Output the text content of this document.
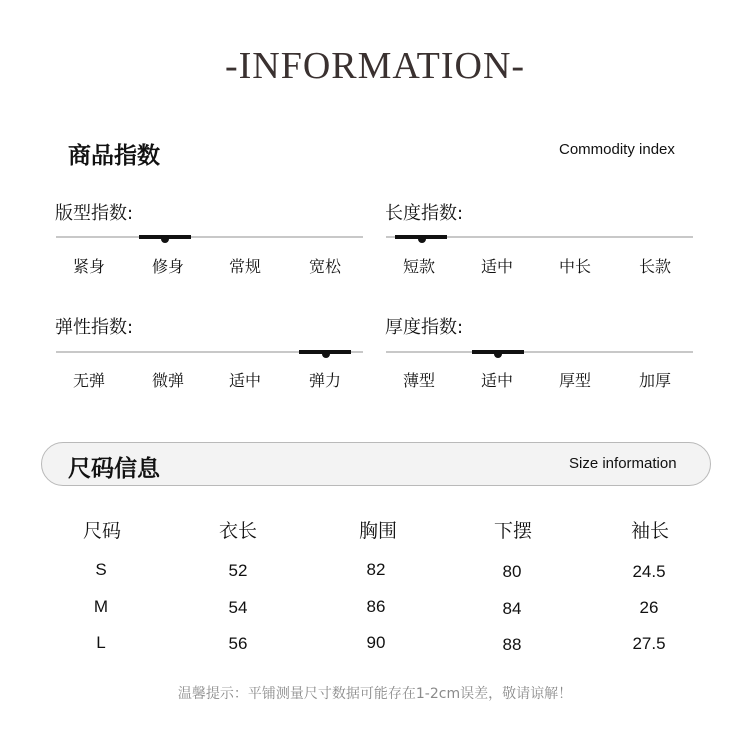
-INFORMATION-
商品指数	Commodity index
版型指数:
紧身	修身	常规	宽松
长度指数:
短款	适中	中长	长款
弹性指数:
无弹	微弹	适中	弹力
厚度指数:
薄型	适中	厚型	加厚
尺码信息	Size information
尺码	衣长	胸围	下摆	袖长
S	52	82	80	24.5
M	54	86	84	26
L	56	90	88	27.5
温馨提示：平铺测量尺寸数据可能存在1-2cm误差，敬请谅解！
